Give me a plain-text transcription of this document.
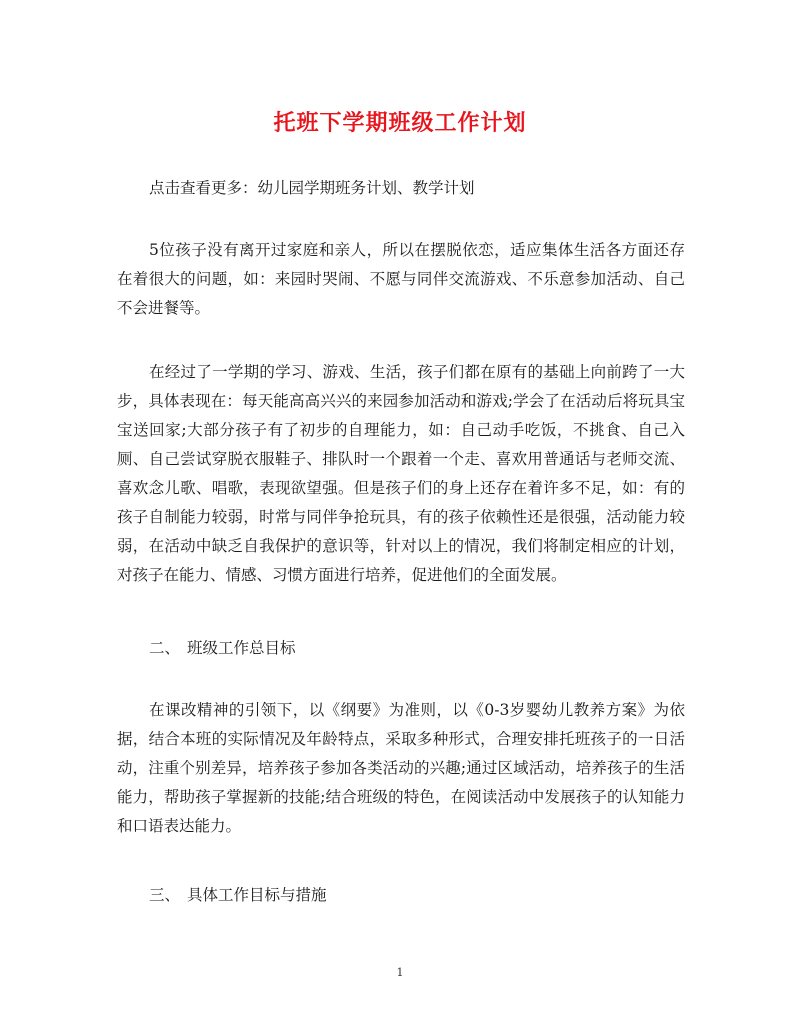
托班下学期班级工作计划

点击查看更多：幼儿园学期班务计划、教学计划

5位孩子没有离开过家庭和亲人，所以在摆脱依恋，适应集体生活各方面还存在着很大的问题，如：来园时哭闹、不愿与同伴交流游戏、不乐意参加活动、自己不会进餐等。

在经过了一学期的学习、游戏、生活，孩子们都在原有的基础上向前跨了一大步，具体表现在：每天能高高兴兴的来园参加活动和游戏;学会了在活动后将玩具宝宝送回家;大部分孩子有了初步的自理能力，如：自己动手吃饭，不挑食、自己入厕、自己尝试穿脱衣服鞋子、排队时一个跟着一个走、喜欢用普通话与老师交流、喜欢念儿歌、唱歌，表现欲望强。但是孩子们的身上还存在着许多不足，如：有的孩子自制能力较弱，时常与同伴争抢玩具，有的孩子依赖性还是很强，活动能力较弱，在活动中缺乏自我保护的意识等，针对以上的情况，我们将制定相应的计划，对孩子在能力、情感、习惯方面进行培养，促进他们的全面发展。

二、 班级工作总目标

在课改精神的引领下，以《纲要》为准则，以《0-3岁婴幼儿教养方案》为依据，结合本班的实际情况及年龄特点，采取多种形式，合理安排托班孩子的一日活动，注重个别差异，培养孩子参加各类活动的兴趣;通过区域活动，培养孩子的生活能力，帮助孩子掌握新的技能;结合班级的特色，在阅读活动中发展孩子的认知能力和口语表达能力。

三、 具体工作目标与措施
1
